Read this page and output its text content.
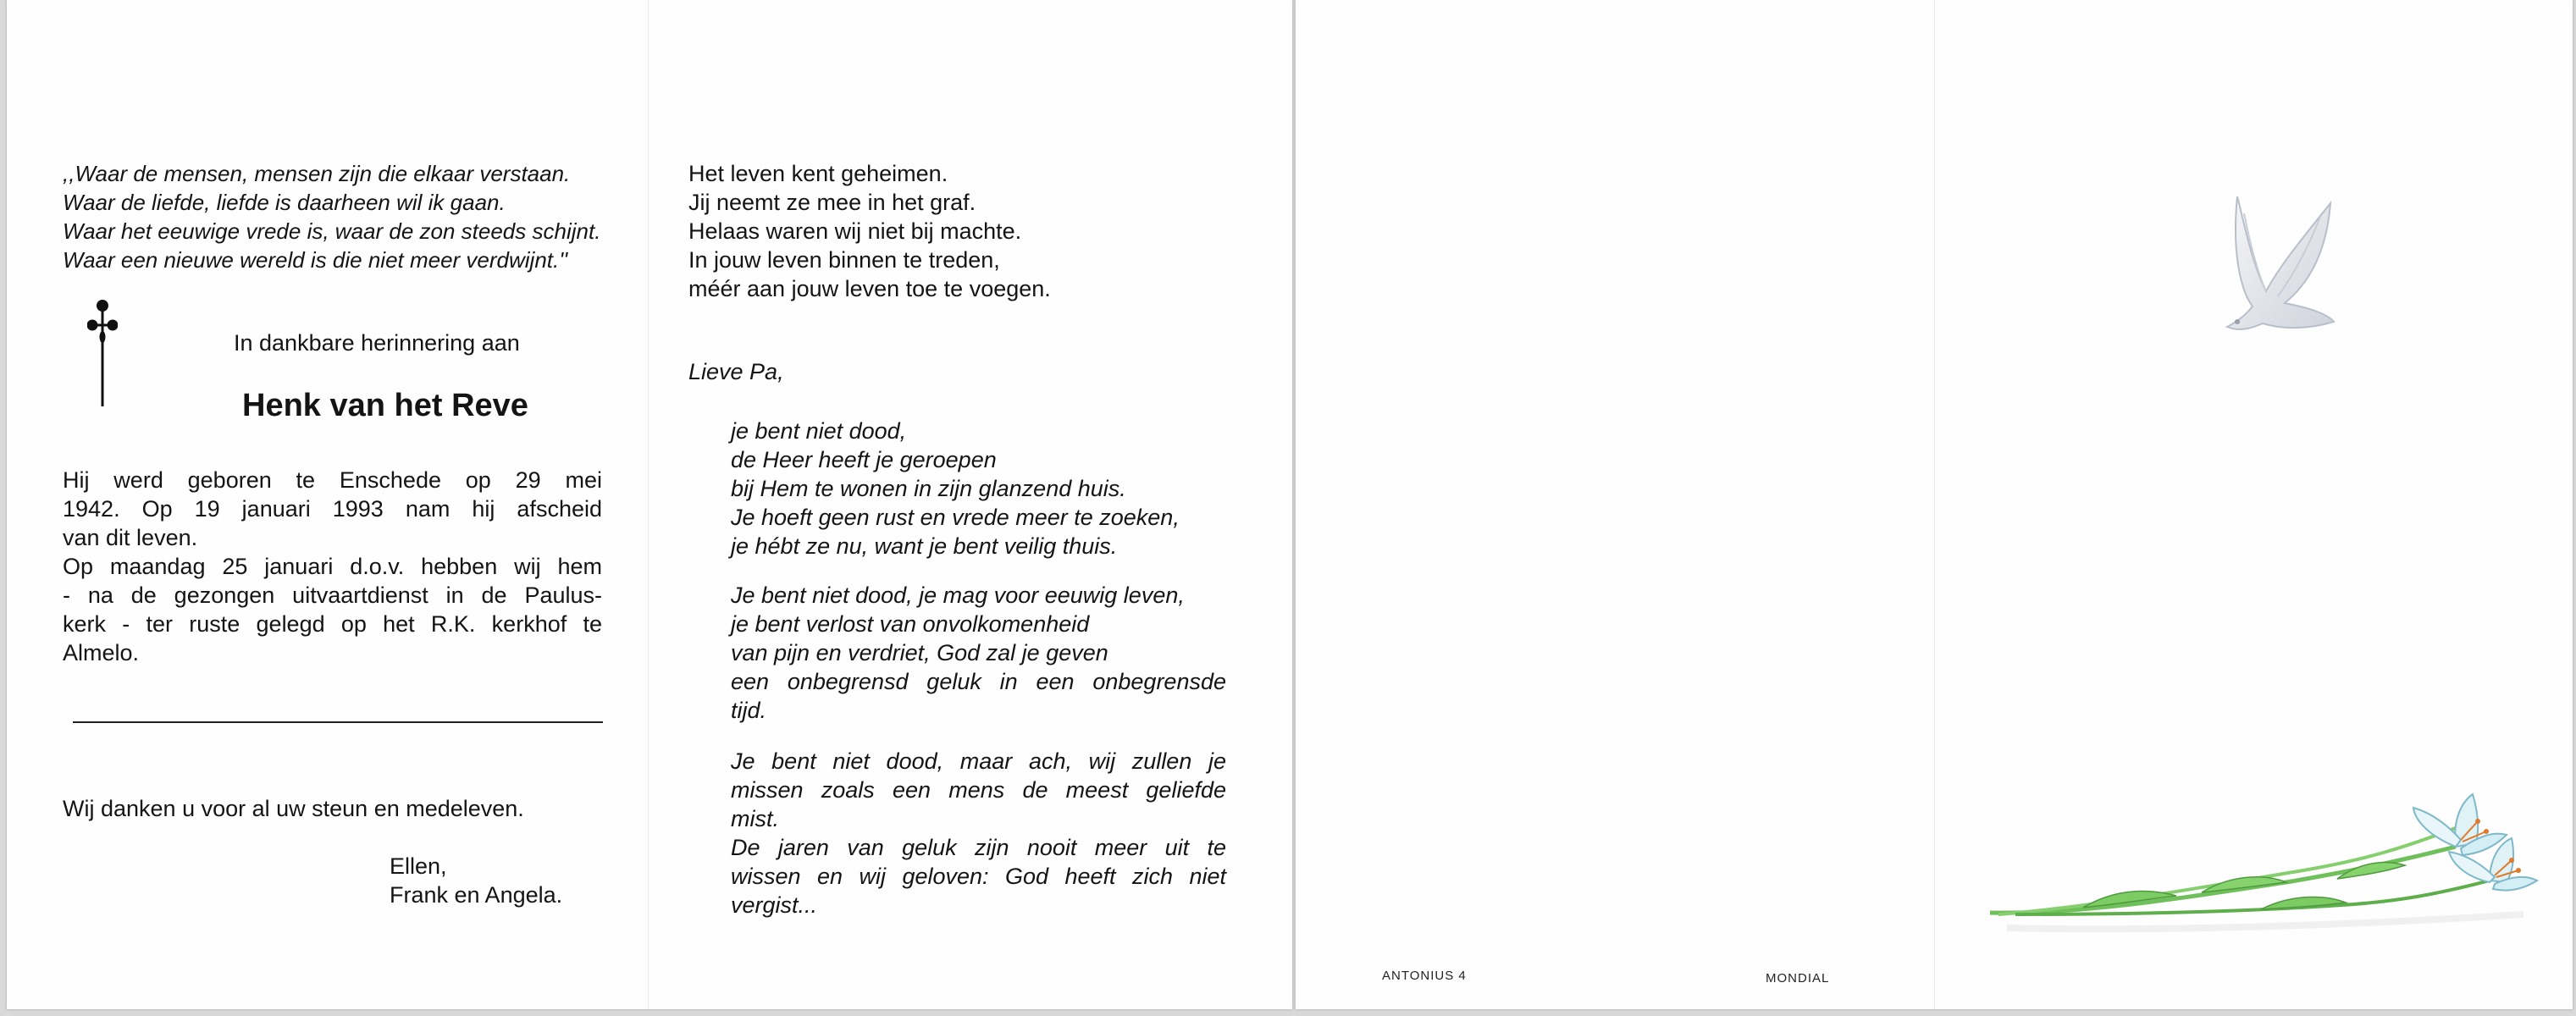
,,Waar de mensen, mensen zijn die elkaar verstaan.
Waar de liefde, liefde is daarheen wil ik gaan.
Waar het eeuwige vrede is, waar de zon steeds schijnt.
Waar een nieuwe wereld is die niet meer verdwijnt.''
In dankbare herinnering aan
Henk van het Reve
Hij werd geboren te Enschede op 29 mei
1942. Op 19 januari 1993 nam hij afscheid
van dit leven.
Op maandag 25 januari d.o.v. hebben wij hem
- na de gezongen uitvaartdienst in de Paulus-
kerk - ter ruste gelegd op het R.K. kerkhof te
Almelo.
Wij danken u voor al uw steun en medeleven.
Ellen,
Frank en Angela.
Het leven kent geheimen.
Jij neemt ze mee in het graf.
Helaas waren wij niet bij machte.
In jouw leven binnen te treden,
méér aan jouw leven toe te voegen.
Lieve Pa,
je bent niet dood,
de Heer heeft je geroepen
bij Hem te wonen in zijn glanzend huis.
Je hoeft geen rust en vrede meer te zoeken,
je hébt ze nu, want je bent veilig thuis.
Je bent niet dood, je mag voor eeuwig leven,
je bent verlost van onvolkomenheid
van pijn en verdriet, God zal je geven
een onbegrensd geluk in een onbegrensde
tijd.
Je bent niet dood, maar ach, wij zullen je
missen zoals een mens de meest geliefde
mist.
De jaren van geluk zijn nooit meer uit te
wissen en wij geloven: God heeft zich niet
vergist...
ANTONIUS 4	MONDIAL
